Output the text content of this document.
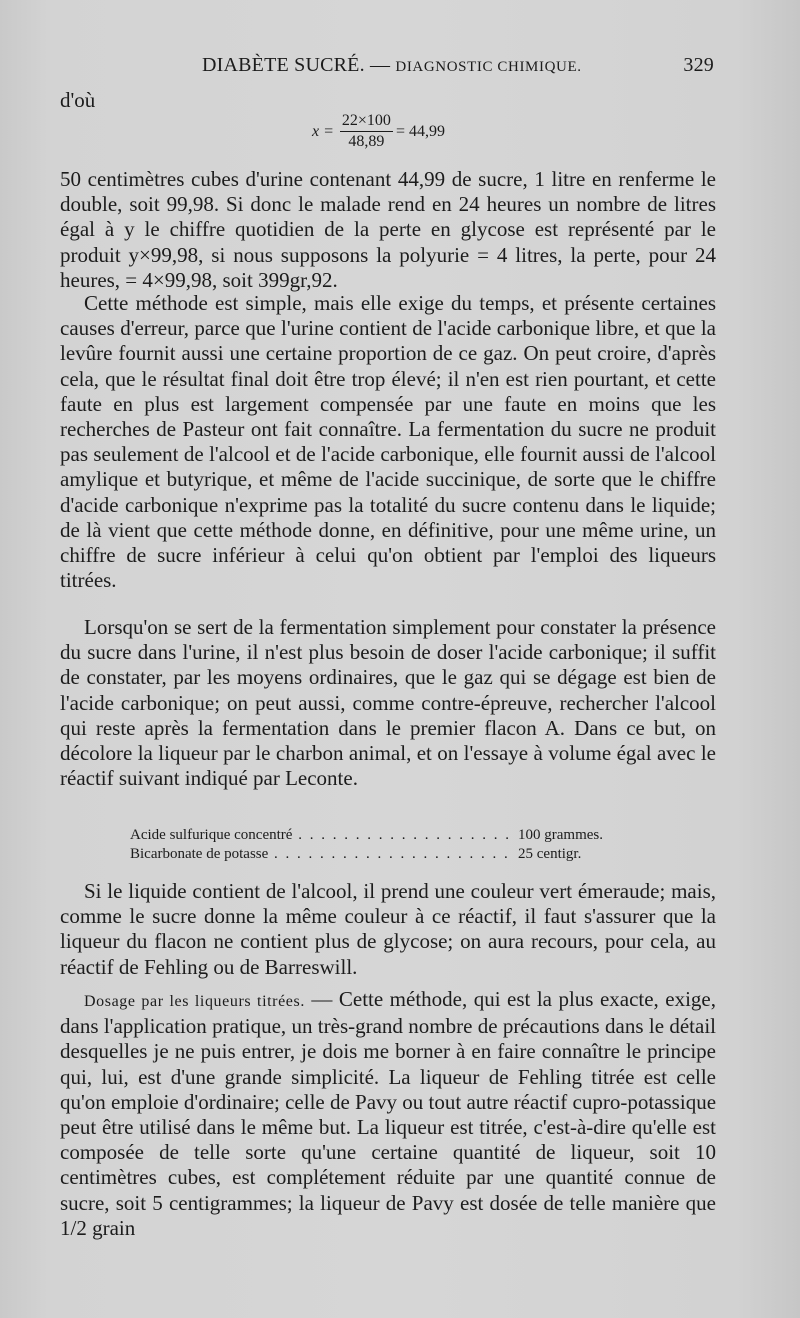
DIABÈTE SUCRÉ. — DIAGNOSTIC CHIMIQUE.	329
d'où
$x = \frac{22\times 100}{48,89} = 44,99$

50 centimètres cubes d'urine contenant 44,99 de sucre, 1 litre en renferme le double, soit 99,98. Si donc le malade rend en 24 heures un nombre de litres égal à y le chiffre quotidien de la perte en glycose est représenté par le produit y×99,98, si nous supposons la polyurie = 4 litres, la perte, pour 24 heures, = 4×99,98, soit 399gr,92.

Cette méthode est simple, mais elle exige du temps, et présente certaines causes d'erreur, parce que l'urine contient de l'acide carbonique libre, et que la levûre fournit aussi une certaine proportion de ce gaz. On peut croire, d'après cela, que le résultat final doit être trop élevé; il n'en est rien pourtant, et cette faute en plus est largement compensée par une faute en moins que les recherches de Pasteur ont fait connaître. La fermentation du sucre ne produit pas seulement de l'alcool et de l'acide carbonique, elle fournit aussi de l'alcool amylique et butyrique, et même de l'acide succinique, de sorte que le chiffre d'acide carbonique n'exprime pas la totalité du sucre contenu dans le liquide; de là vient que cette méthode donne, en définitive, pour une même urine, un chiffre de sucre inférieur à celui qu'on obtient par l'emploi des liqueurs titrées.

Lorsqu'on se sert de la fermentation simplement pour constater la présence du sucre dans l'urine, il n'est plus besoin de doser l'acide carbonique; il suffit de constater, par les moyens ordinaires, que le gaz qui se dégage est bien de l'acide carbonique; on peut aussi, comme contre-épreuve, rechercher l'alcool qui reste après la fermentation dans le premier flacon A. Dans ce but, on décolore la liqueur par le charbon animal, et on l'essaye à volume égal avec le réactif suivant indiqué par Leconte.

Acide sulfurique concentré . . .	100 grammes.
Bicarbonate de potasse . . .	25 centigr.

Si le liquide contient de l'alcool, il prend une couleur vert émeraude; mais, comme le sucre donne la même couleur à ce réactif, il faut s'assurer que la liqueur du flacon ne contient plus de glycose; on aura recours, pour cela, au réactif de Fehling ou de Barreswill.

Dosage par les liqueurs titrées. — Cette méthode, qui est la plus exacte, exige, dans l'application pratique, un très-grand nombre de précautions dans le détail desquelles je ne puis entrer, je dois me borner à en faire connaître le principe qui, lui, est d'une grande simplicité. La liqueur de Fehling titrée est celle qu'on emploie d'ordinaire; celle de Pavy ou tout autre réactif cupro-potassique peut être utilisé dans le même but. La liqueur est titrée, c'est-à-dire qu'elle est composée de telle sorte qu'une certaine quantité de liqueur, soit 10 centimètres cubes, est complétement réduite par une quantité connue de sucre, soit 5 centigrammes; la liqueur de Pavy est dosée de telle manière que 1/2 grain
